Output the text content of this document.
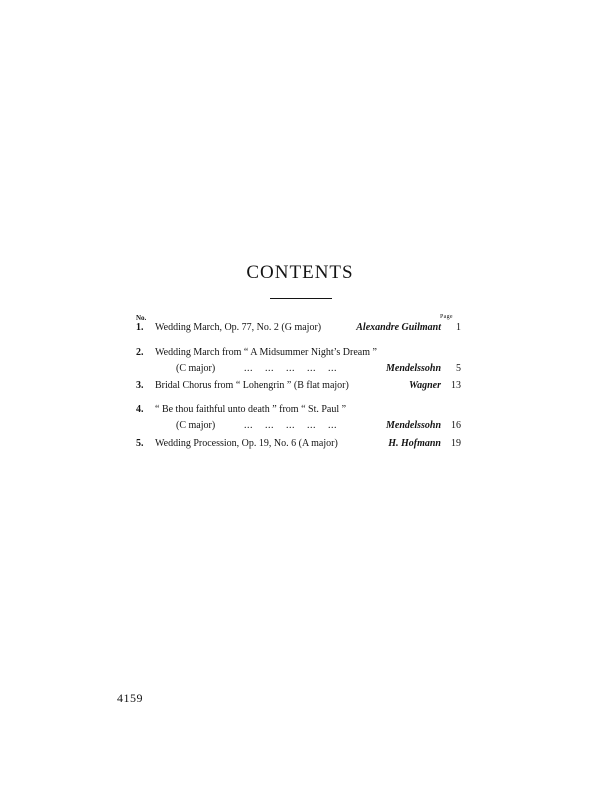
CONTENTS
No.	Page
1.	Wedding March, Op. 77, No. 2 (G major)	Alexandre Guilmant	1
2.	Wedding March from “ A Midsummer Night’s Dream ”
(C major)	... ... ... ... ...	Mendelssohn	5
3.	Bridal Chorus from “ Lohengrin ” (B flat major)	Wagner	13
4.	“ Be thou faithful unto death ” from “ St. Paul ”
(C major)	... ... ... ... ...	Mendelssohn	16
5.	Wedding Procession, Op. 19, No. 6 (A major)	H. Hofmann	19
4159
